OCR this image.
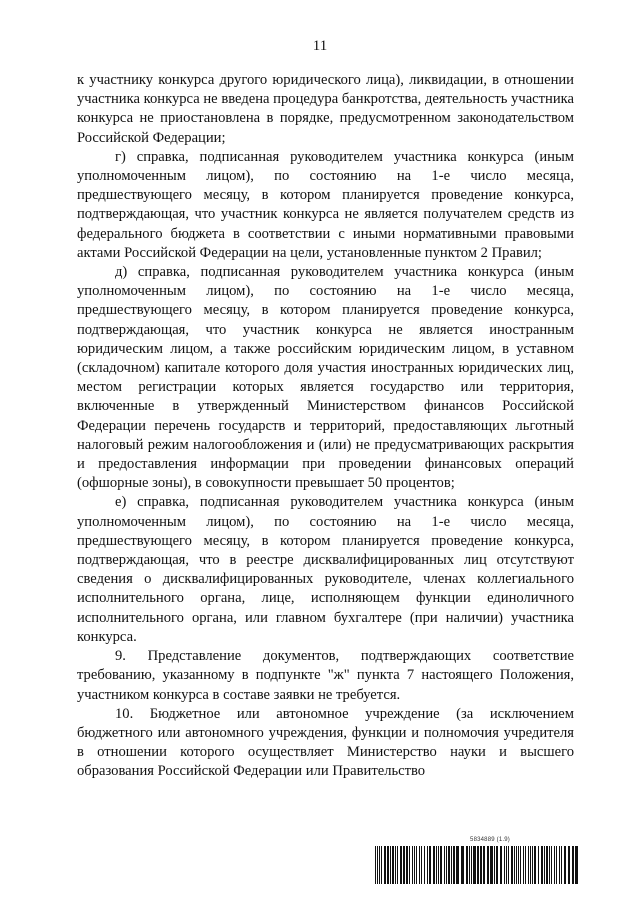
11

к участнику конкурса другого юридического лица), ликвидации, в отношении участника конкурса не введена процедура банкротства, деятельность участника конкурса не приостановлена в порядке, предусмотренном законодательством Российской Федерации;

г) справка, подписанная руководителем участника конкурса (иным уполномоченным лицом), по состоянию на 1-е число месяца, предшествующего месяцу, в котором планируется проведение конкурса, подтверждающая, что участник конкурса не является получателем средств из федерального бюджета в соответствии с иными нормативными правовыми актами Российской Федерации на цели, установленные пунктом 2 Правил;

д) справка, подписанная руководителем участника конкурса (иным уполномоченным лицом), по состоянию на 1-е число месяца, предшествующего месяцу, в котором планируется проведение конкурса, подтверждающая, что участник конкурса не является иностранным юридическим лицом, а также российским юридическим лицом, в уставном (складочном) капитале которого доля участия иностранных юридических лиц, местом регистрации которых является государство или территория, включенные в утвержденный Министерством финансов Российской Федерации перечень государств и территорий, предоставляющих льготный налоговый режим налогообложения и (или) не предусматривающих раскрытия и предоставления информации при проведении финансовых операций (офшорные зоны), в совокупности превышает 50 процентов;

е) справка, подписанная руководителем участника конкурса (иным уполномоченным лицом), по состоянию на 1-е число месяца, предшествующего месяцу, в котором планируется проведение конкурса, подтверждающая, что в реестре дисквалифицированных лиц отсутствуют сведения о дисквалифицированных руководителе, членах коллегиального исполнительного органа, лице, исполняющем функции единоличного исполнительного органа, или главном бухгалтере (при наличии) участника конкурса.

9. Представление документов, подтверждающих соответствие требованию, указанному в подпункте "ж" пункта 7 настоящего Положения, участником конкурса в составе заявки не требуется.

10. Бюджетное или автономное учреждение (за исключением бюджетного или автономного учреждения, функции и полномочия учредителя в отношении которого осуществляет Министерство науки и высшего образования Российской Федерации или Правительство

5834889 (1.9)
